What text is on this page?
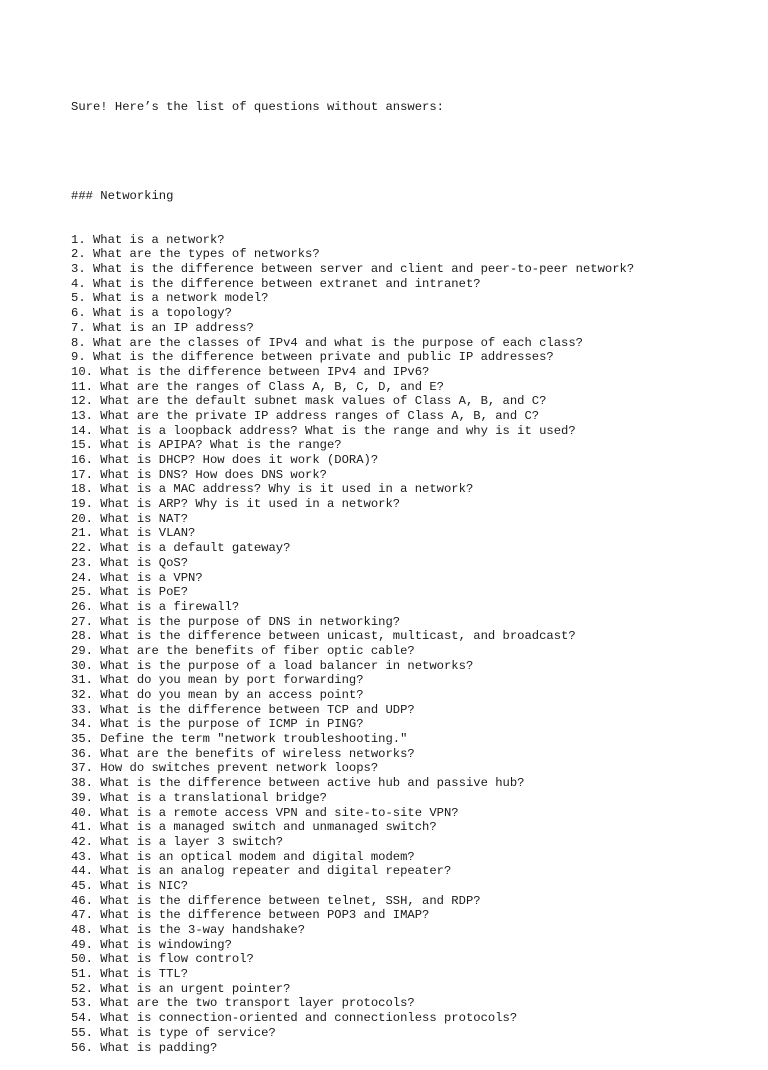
Sure! Here’s the list of questions without answers:

### Networking

1. What is a network?
2. What are the types of networks?
3. What is the difference between server and client and peer-to-peer network?
4. What is the difference between extranet and intranet?
5. What is a network model?
6. What is a topology?
7. What is an IP address?
8. What are the classes of IPv4 and what is the purpose of each class?
9. What is the difference between private and public IP addresses?
10. What is the difference between IPv4 and IPv6?
11. What are the ranges of Class A, B, C, D, and E?
12. What are the default subnet mask values of Class A, B, and C?
13. What are the private IP address ranges of Class A, B, and C?
14. What is a loopback address? What is the range and why is it used?
15. What is APIPA? What is the range?
16. What is DHCP? How does it work (DORA)?
17. What is DNS? How does DNS work?
18. What is a MAC address? Why is it used in a network?
19. What is ARP? Why is it used in a network?
20. What is NAT?
21. What is VLAN?
22. What is a default gateway?
23. What is QoS?
24. What is a VPN?
25. What is PoE?
26. What is a firewall?
27. What is the purpose of DNS in networking?
28. What is the difference between unicast, multicast, and broadcast?
29. What are the benefits of fiber optic cable?
30. What is the purpose of a load balancer in networks?
31. What do you mean by port forwarding?
32. What do you mean by an access point?
33. What is the difference between TCP and UDP?
34. What is the purpose of ICMP in PING?
35. Define the term "network troubleshooting."
36. What are the benefits of wireless networks?
37. How do switches prevent network loops?
38. What is the difference between active hub and passive hub?
39. What is a translational bridge?
40. What is a remote access VPN and site-to-site VPN?
41. What is a managed switch and unmanaged switch?
42. What is a layer 3 switch?
43. What is an optical modem and digital modem?
44. What is an analog repeater and digital repeater?
45. What is NIC?
46. What is the difference between telnet, SSH, and RDP?
47. What is the difference between POP3 and IMAP?
48. What is the 3-way handshake?
49. What is windowing?
50. What is flow control?
51. What is TTL?
52. What is an urgent pointer?
53. What are the two transport layer protocols?
54. What is connection-oriented and connectionless protocols?
55. What is type of service?
56. What is padding?
